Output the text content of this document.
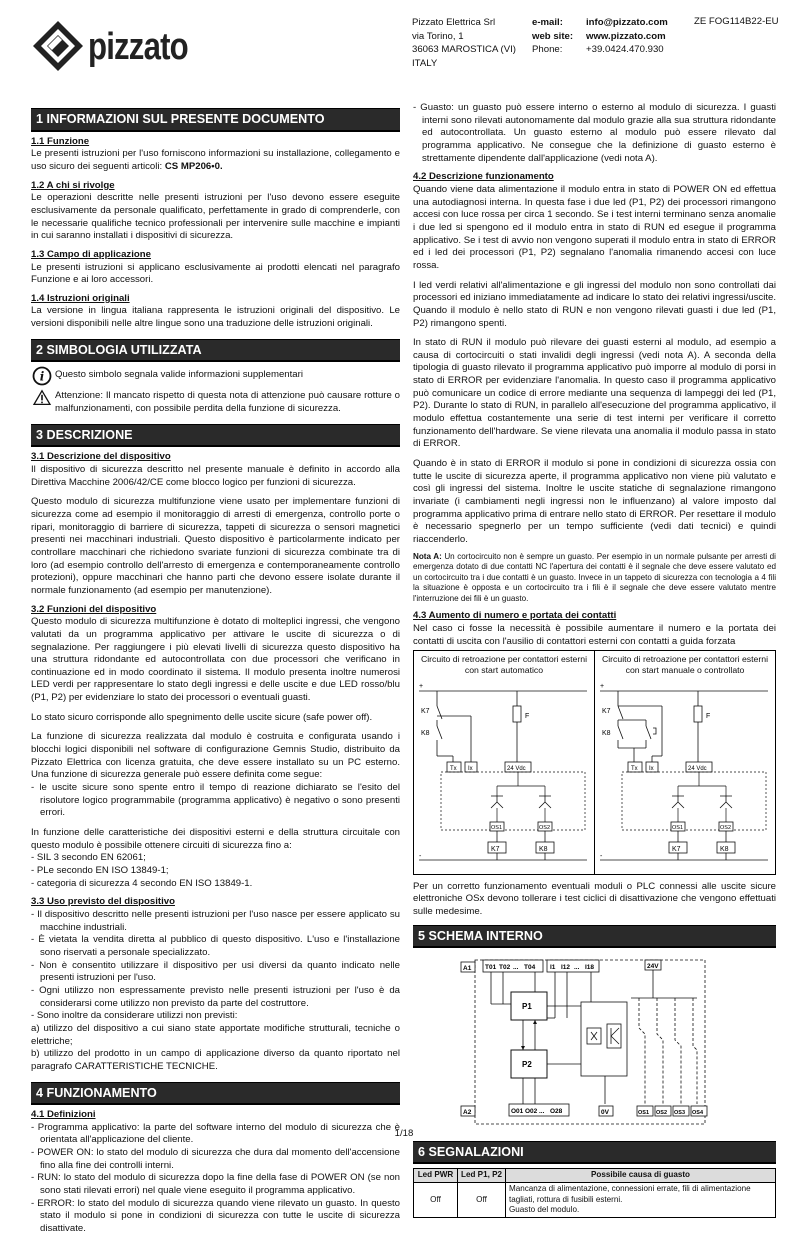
pizzato
Pizzato Elettrica Srl
via Torino, 1
36063 MAROSTICA (VI)
ITALY
e-mail: info@pizzato.com
web site: www.pizzato.com
Phone: +39.0424.470.930
ZE FOG114B22-EU
1 INFORMAZIONI SUL PRESENTE DOCUMENTO
1.1 Funzione

Le presenti istruzioni per l'uso forniscono informazioni su installazione, collegamento e uso sicuro dei seguenti articoli: CS MP206•0.

1.2 A chi si rivolge

Le operazioni descritte nelle presenti istruzioni per l'uso devono essere eseguite esclusivamente da personale qualificato, perfettamente in grado di comprenderle, con le necessarie qualifiche tecnico professionali per intervenire sulle macchine e impianti in cui saranno installati i dispositivi di sicurezza.

1.3 Campo di applicazione

Le presenti istruzioni si applicano esclusivamente ai prodotti elencati nel paragrafo Funzione e ai loro accessori.

1.4 Istruzioni originali

La versione in lingua italiana rappresenta le istruzioni originali del dispositivo. Le versioni disponibili nelle altre lingue sono una traduzione delle istruzioni originali.

2 SIMBOLOGIA UTILIZZATA
i Questo simbolo segnala valide informazioni supplementari

Attenzione: Il mancato rispetto di questa nota di attenzione può causare rotture o malfunzionamenti, con possibile perdita della funzione di sicurezza.

3 DESCRIZIONE
3.1 Descrizione del dispositivo

Il dispositivo di sicurezza descritto nel presente manuale è definito in accordo alla Direttiva Macchine 2006/42/CE come blocco logico per funzioni di sicurezza.

Questo modulo di sicurezza multifunzione viene usato per implementare funzioni di sicurezza come ad esempio il monitoraggio di arresti di emergenza, controllo porte o ripari, monitoraggio di barriere di sicurezza, tappeti di sicurezza o sensori magnetici presenti nei macchinari industriali. Questo dispositivo è particolarmente indicato per controllare macchinari che richiedono svariate funzioni di sicurezza combinate tra di loro (ad esempio controllo dell'arresto di emergenza e contemporaneamente controllo protezioni), oppure macchinari che hanno parti che devono essere isolate durante il normale funzionamento (ad esempio per manutenzione).

3.2 Funzioni del dispositivo

Questo modulo di sicurezza multifunzione è dotato di molteplici ingressi, che vengono valutati da un programma applicativo per attivare le uscite di sicurezza o di segnalazione. Per raggiungere i più elevati livelli di sicurezza questo dispositivo ha una struttura ridondante ed autocontrollata con due processori che verificano in continuazione ed in modo coordinato il sistema. Il modulo presenta inoltre numerosi LED verdi per rappresentare lo stato degli ingressi e delle uscite e due LED rosso/blu (P1, P2) per evidenziare lo stato dei processori o eventuali guasti.

Lo stato sicuro corrisponde allo spegnimento delle uscite sicure (safe power off).

La funzione di sicurezza realizzata dal modulo è costruita e configurata usando i blocchi logici disponibili nel software di configurazione Gemnis Studio, distribuito da Pizzato Elettrica con licenza gratuita, che deve essere installato su un PC esterno. Una funzione di sicurezza generale può essere definita come segue:

- le uscite sicure sono spente entro il tempo di reazione dichiarato se l'esito del risolutore logico programmabile (programma applicativo) è negativo o sono presenti errori.

In funzione delle caratteristiche dei dispositivi esterni e della struttura circuitale con questo modulo è possibile ottenere circuiti di sicurezza fino a:

- SIL 3 secondo EN 62061;
- PLe secondo EN ISO 13849-1;
- categoria di sicurezza 4 secondo EN ISO 13849-1.
3.3 Uso previsto del dispositivo
- Il dispositivo descritto nelle presenti istruzioni per l'uso nasce per essere applicato su macchine industriali.
- È vietata la vendita diretta al pubblico di questo dispositivo. L'uso e l'installazione sono riservati a personale specializzato.
- Non è consentito utilizzare il dispositivo per usi diversi da quanto indicato nelle presenti istruzioni per l'uso.
- Ogni utilizzo non espressamente previsto nelle presenti istruzioni per l'uso è da considerarsi come utilizzo non previsto da parte del costruttore.
- Sono inoltre da considerare utilizzi non previsti:

a) utilizzo del dispositivo a cui siano state apportate modifiche strutturali, tecniche o elettriche;

b) utilizzo del prodotto in un campo di applicazione diverso da quanto riportato nel paragrafo CARATTERISTICHE TECNICHE.

4 FUNZIONAMENTO
4.1 Definizioni
- Programma applicativo: la parte del software interno del modulo di sicurezza che è orientata all'applicazione del cliente.
- POWER ON: lo stato del modulo di sicurezza che dura dal momento dell'accensione fino alla fine dei controlli interni.
- RUN: lo stato del modulo di sicurezza dopo la fine della fase di POWER ON (se non sono stati rilevati errori) nel quale viene eseguito il programma applicativo.
- ERROR: lo stato del modulo di sicurezza quando viene rilevato un guasto. In questo stato il modulo si pone in condizioni di sicurezza con tutte le uscite di sicurezza disattivate.
- Guasto: un guasto può essere interno o esterno al modulo di sicurezza. I guasti interni sono rilevati autonomamente dal modulo grazie alla sua struttura ridondante ed autocontrollata. Un guasto esterno al modulo può essere rilevato dal programma applicativo. Ne consegue che la definizione di guasto esterno è strettamente dipendente dall'applicazione (vedi nota A).
4.2 Descrizione funzionamento

Quando viene data alimentazione il modulo entra in stato di POWER ON ed effettua una autodiagnosi interna. In questa fase i due led (P1, P2) dei processori rimangono accesi con luce rossa per circa 1 secondo. Se i test interni terminano senza anomalie i due led si spengono ed il modulo entra in stato di RUN ed esegue il programma applicativo. Se i test di avvio non vengono superati il modulo entra in stato di ERROR ed i led dei processori (P1, P2) segnalano l'anomalia rimanendo accesi con luce rossa.

I led verdi relativi all'alimentazione e gli ingressi del modulo non sono controllati dai processori ed iniziano immediatamente ad indicare lo stato dei relativi ingressi/uscite. Quando il modulo è nello stato di RUN e non vengono rilevati guasti i due led (P1, P2) rimangono spenti.

In stato di RUN il modulo può rilevare dei guasti esterni al modulo, ad esempio a causa di cortocircuiti o stati invalidi degli ingressi (vedi nota A). A seconda della tipologia di guasto rilevato il programma applicativo può imporre al modulo di porsi in stato di ERROR per evidenziare l'anomalia. In questo caso il programma applicativo può comunicare un codice di errore mediante una sequenza di lampeggi dei led (P1, P2). Durante lo stato di RUN, in parallelo all'esecuzione del programma applicativo, il modulo effettua costantemente una serie di test interni per verificare il corretto funzionamento dell'hardware. Se viene rilevata una anomalia il modulo passa in stato di ERROR.

Quando è in stato di ERROR il modulo si pone in condizioni di sicurezza ossia con tutte le uscite di sicurezza aperte, il programma applicativo non viene più valutato e così gli ingressi del sistema. Inoltre le uscite statiche di segnalazione rimangono invariate (i cambiamenti negli ingressi non le influenzano) al valore imposto dal programma applicativo prima di entrare nello stato di ERROR. Per resettare il modulo è necessario spegnerlo per un tempo sufficiente (vedi dati tecnici) e quindi riaccenderlo.

Nota A: Un cortocircuito non è sempre un guasto. Per esempio in un normale pulsante per arresti di emergenza dotato di due contatti NC l'apertura dei contatti è il segnale che deve essere valutato ed un cortocircuito tra i due contatti è un guasto. Invece in un tappeto di sicurezza con tecnologia a 4 fili la situazione è opposta e un cortocircuito tra i fili è il segnale che deve essere valutato mentre l'interruzione dei fili è un guasto.
4.3 Aumento di numero e portata dei contatti

Nel caso ci fosse la necessità è possibile aumentare il numero e la portata dei contatti di uscita con l'ausilio di contattori esterni con contatti a guida forzata

Circuito di retroazione per contattori esterni con start automatico
+
K7
K8
F
Tx Ix	24 Vdc
OS1	OS2
K7	K8
-
Circuito di retroazione per contattori esterni con start manuale o controllato
+
K7
K8
F
Tx Ix	24 Vdc
OS1	OS2
K7	K8
-

Per un corretto funzionamento eventuali moduli o PLC connessi alle uscite sicure elettroniche OSx devono tollerare i test ciclici di disattivazione che vengono effettuati sulle medesime.

5 SCHEMA INTERNO
A1 T01 T02 ... T04 I1 I12 ... I18	24V
P1
P2
A2	O01 O02 ... O28	0V	OS1 OS2 OS3 OS4
6 SEGNALAZIONI
Led PWR	Led P1, P2	Possibile causa di guasto
Off	Off	Mancanza di alimentazione, connessioni errate, fili di alimentazione tagliati, rottura di fusibili esterni.
Guasto del modulo.
1/18
